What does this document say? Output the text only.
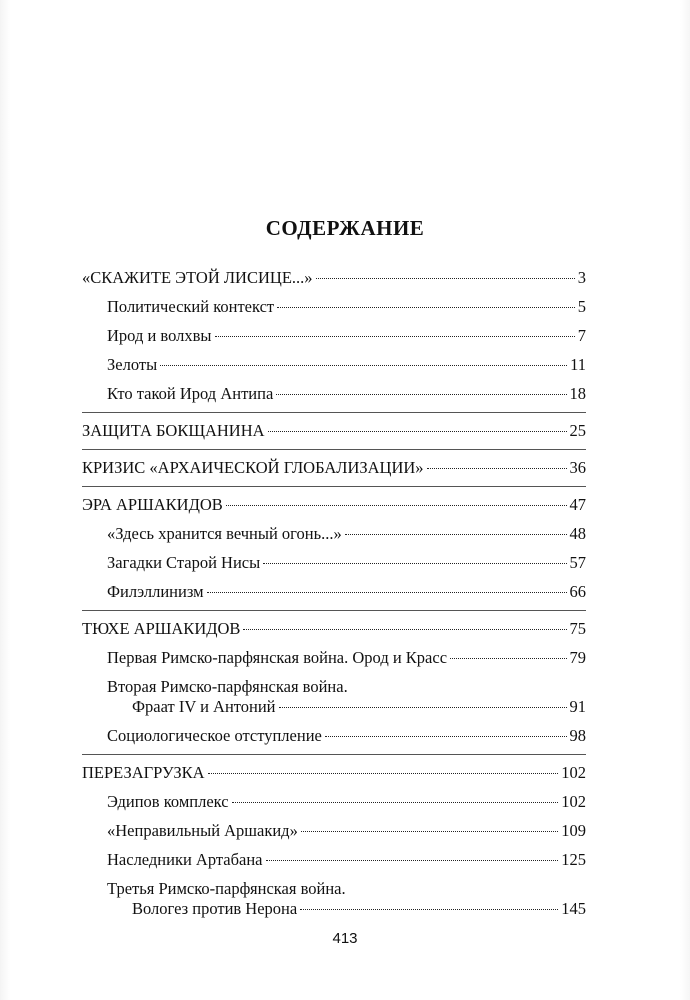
СОДЕРЖАНИЕ
«СКАЖИТЕ ЭТОЙ ЛИСИЦЕ...»	3
Политический контекст	5
Ирод и волхвы	7
Зелоты	11
Кто такой Ирод Антипа	18
ЗАЩИТА БОКЩАНИНА	25
КРИЗИС «АРХАИЧЕСКОЙ ГЛОБАЛИЗАЦИИ»	36
ЭРА АРШАКИДОВ	47
«Здесь хранится вечный огонь...»	48
Загадки Старой Нисы	57
Филэллинизм	66
ТЮХЕ АРШАКИДОВ	75
Первая Римско-парфянская война. Ород и Красс	79
Вторая Римско-парфянская война.
Фраат IV и Антоний	91
Социологическое отступление	98
ПЕРЕЗАГРУЗКА	102
Эдипов комплекс	102
«Неправильный Аршакид»	109
Наследники Артабана	125
Третья Римско-парфянская война.
Вологез против Нерона	145
413
